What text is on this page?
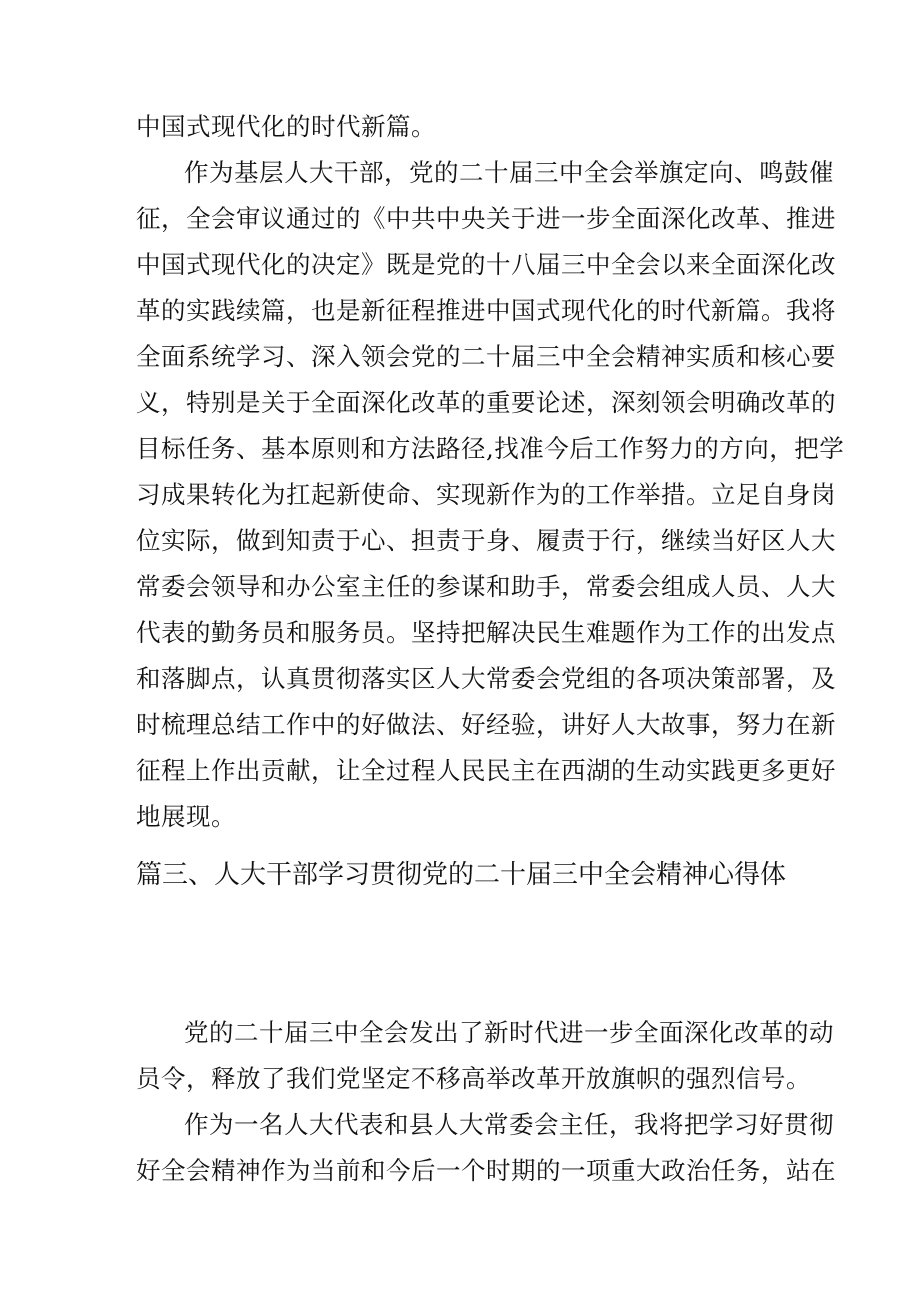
中国式现代化的时代新篇。
作为基层人大干部，党的二十届三中全会举旗定向、鸣鼓催
征，全会审议通过的《中共中央关于进一步全面深化改革、推进
中国式现代化的决定》既是党的十八届三中全会以来全面深化改
革的实践续篇，也是新征程推进中国式现代化的时代新篇。我将
全面系统学习、深入领会党的二十届三中全会精神实质和核心要
义，特别是关于全面深化改革的重要论述，深刻领会明确改革的
目标任务、基本原则和方法路径,找准今后工作努力的方向，把学
习成果转化为扛起新使命、实现新作为的工作举措。立足自身岗
位实际，做到知责于心、担责于身、履责于行，继续当好区人大
常委会领导和办公室主任的参谋和助手，常委会组成人员、人大
代表的勤务员和服务员。坚持把解决民生难题作为工作的出发点
和落脚点，认真贯彻落实区人大常委会党组的各项决策部署，及
时梳理总结工作中的好做法、好经验，讲好人大故事，努力在新
征程上作出贡献，让全过程人民民主在西湖的生动实践更多更好
地展现。
篇三、人大干部学习贯彻党的二十届三中全会精神心得体
党的二十届三中全会发出了新时代进一步全面深化改革的动
员令，释放了我们党坚定不移高举改革开放旗帜的强烈信号。
作为一名人大代表和县人大常委会主任，我将把学习好贯彻
好全会精神作为当前和今后一个时期的一项重大政治任务，站在
